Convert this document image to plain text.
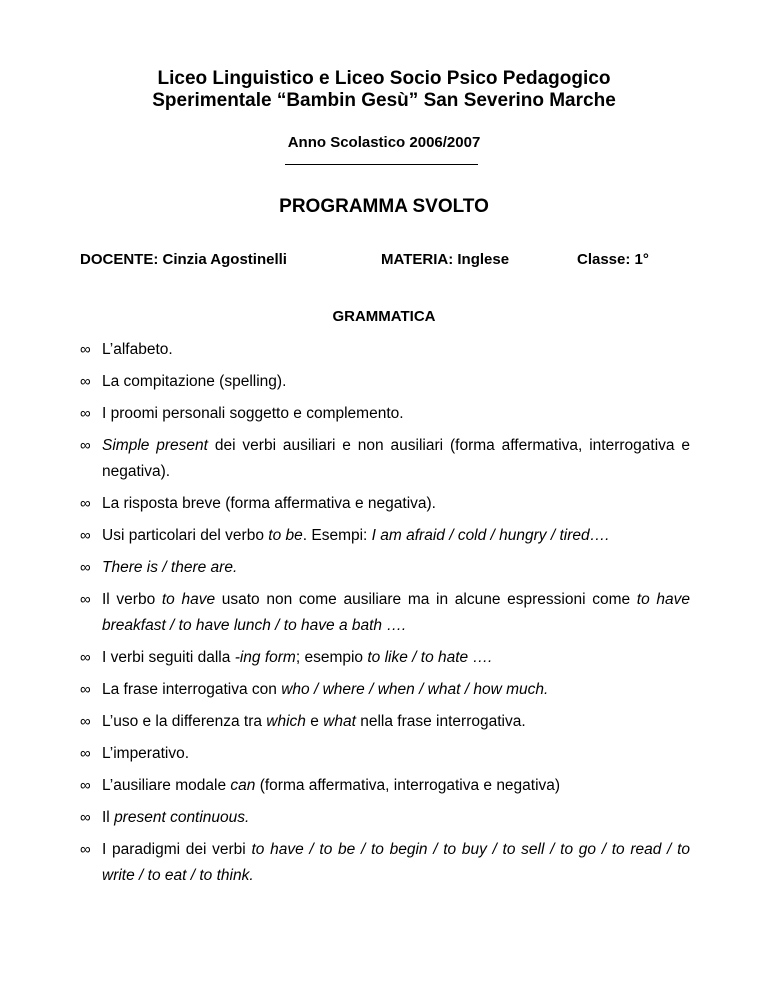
Liceo Linguistico e Liceo Socio Psico Pedagogico
Sperimentale “Bambin Gesù” San Severino Marche
Anno Scolastico 2006/2007
PROGRAMMA SVOLTO
DOCENTE: Cinzia Agostinelli	MATERIA: Inglese	Classe: 1°
GRAMMATICA
∞ L’alfabeto.
∞ La compitazione (spelling).
∞ I proomi personali soggetto e complemento.
∞ Simple present dei verbi ausiliari e non ausiliari (forma affermativa, interrogativa e negativa).
∞ La risposta breve (forma affermativa e negativa).
∞ Usi particolari del verbo to be. Esempi: I am afraid / cold / hungry / tired….
∞ There is / there are.
∞ Il verbo to have usato non come ausiliare ma in alcune espressioni come to have breakfast / to have lunch / to have a bath ….
∞ I verbi seguiti dalla -ing form; esempio to like / to hate ….
∞ La frase interrogativa con who / where / when / what / how much.
∞ L’uso e la differenza tra which e what nella frase interrogativa.
∞ L’imperativo.
∞ L’ausiliare modale can (forma affermativa, interrogativa e negativa)
∞ Il present continuous.
∞ I paradigmi dei verbi to have / to be / to begin / to buy / to sell / to go / to read / to write / to eat / to think.
